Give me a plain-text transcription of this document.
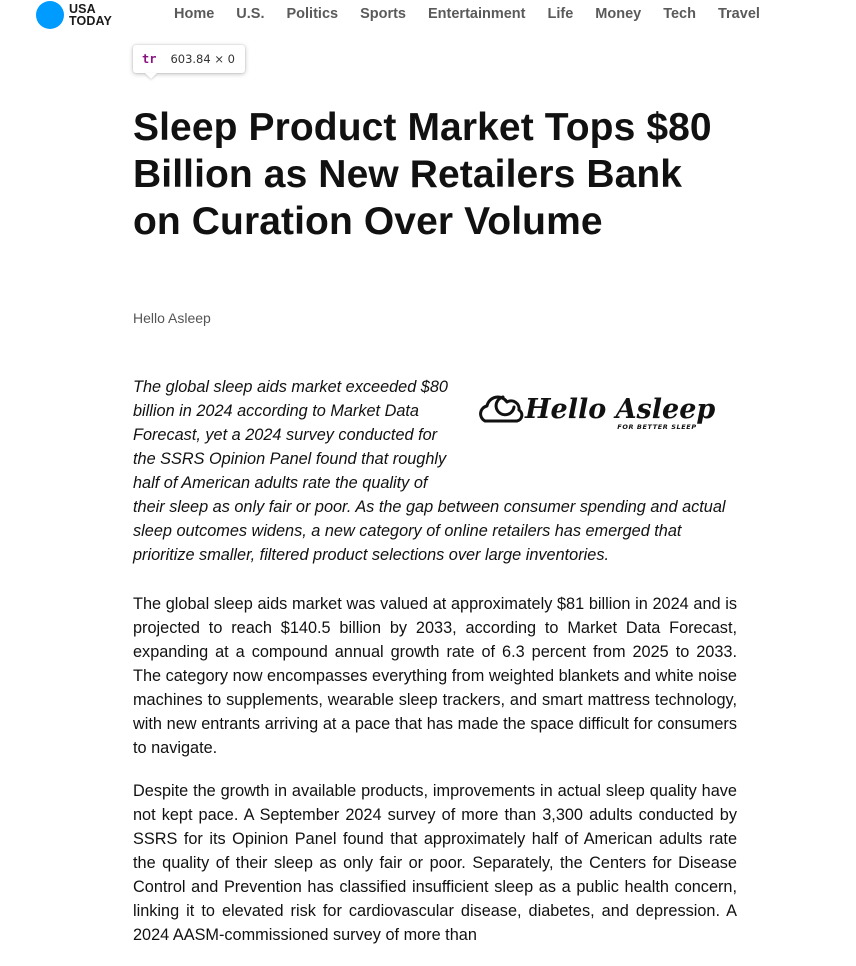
USA
TODAY	Home	U.S.	Politics	Sports	Entertainment	Life	Money	Tech	Travel
tr 603.84 × 0
Sleep Product Market Tops $80 Billion as New Retailers Bank on Curation Over Volume
Hello Asleep
Hello Asleep
FOR BETTER SLEEP
The global sleep aids market exceeded $80 billion in 2024 according to Market Data Forecast, yet a 2024 survey conducted for the SSRS Opinion Panel found that roughly half of American adults rate the quality of their sleep as only fair or poor. As the gap between consumer spending and actual sleep outcomes widens, a new category of online retailers has emerged that prioritize smaller, filtered product selections over large inventories.

The global sleep aids market was valued at approximately $81 billion in 2024 and is projected to reach $140.5 billion by 2033, according to Market Data Forecast, expanding at a compound annual growth rate of 6.3 percent from 2025 to 2033. The category now encompasses everything from weighted blankets and white noise machines to supplements, wearable sleep trackers, and smart mattress technology, with new entrants arriving at a pace that has made the space difficult for consumers to navigate.

Despite the growth in available products, improvements in actual sleep quality have not kept pace. A September 2024 survey of more than 3,300 adults conducted by SSRS for its Opinion Panel found that approximately half of American adults rate the quality of their sleep as only fair or poor. Separately, the Centers for Disease Control and Prevention has classified insufficient sleep as a public health concern, linking it to elevated risk for cardiovascular disease, diabetes, and depression. A 2024 AASM-commissioned survey of more than
